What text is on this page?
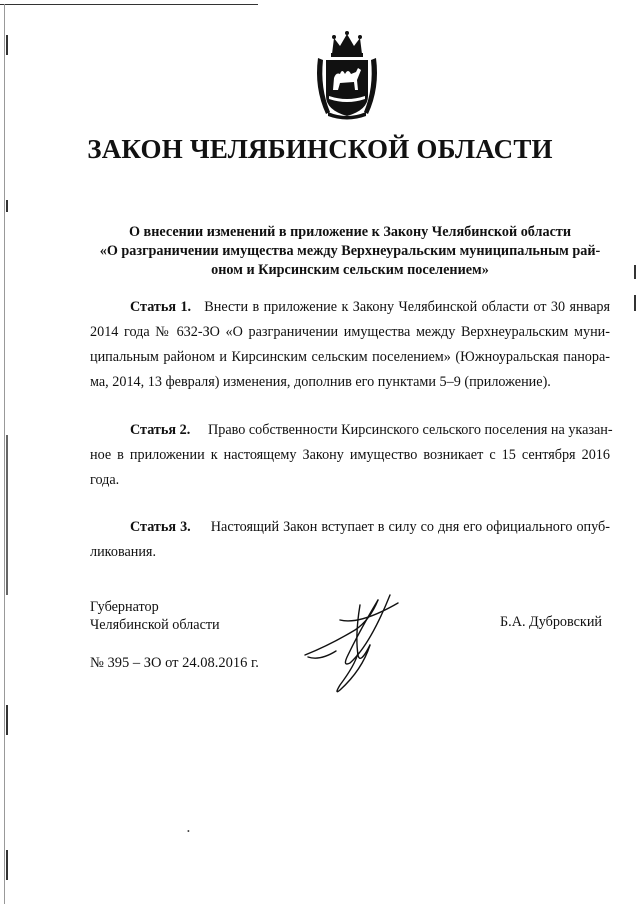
ЗАКОН ЧЕЛЯБИНСКОЙ ОБЛАСТИ
О внесении изменений в приложение к Закону Челябинской области
«О разграничении имущества между Верхнеуральским муниципальным рай-
оном и Кирсинским сельским поселением»
Статья 1. Внести в приложение к Закону Челябинской области от 30 января
2014 года № 632-ЗО «О разграничении имущества между Верхнеуральским муни-
ципальным районом и Кирсинским сельским поселением» (Южноуральская панора-
ма, 2014, 13 февраля) изменения, дополнив его пунктами 5–9 (приложение).
Статья 2. Право собственности Кирсинского сельского поселения на указан-
ное в приложении к настоящему Закону имущество возникает с 15 сентября 2016
года.
Статья 3. Настоящий Закон вступает в силу со дня его официального опуб-
ликования.
Губернатор
Челябинской области	Б.А. Дубровский
№ 395 – ЗО от 24.08.2016 г.
•
